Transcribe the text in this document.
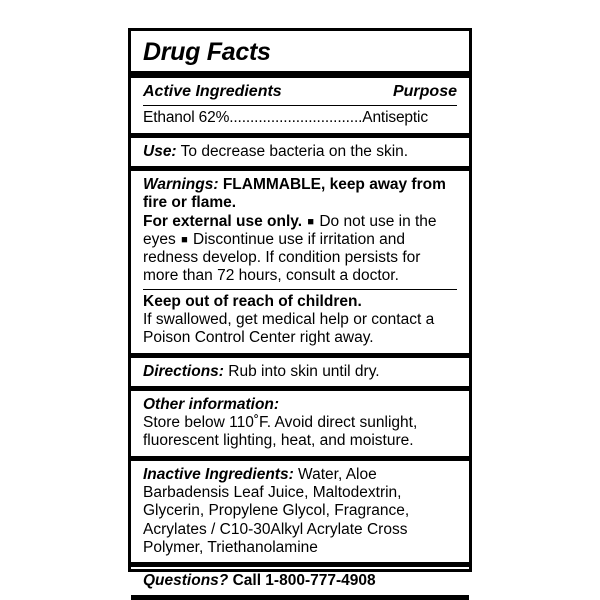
Drug Facts
Active Ingredients	Purpose
Ethanol 62%................................Antiseptic
Use: To decrease bacteria on the skin.
Warnings: FLAMMABLE, keep away from fire or flame.
For external use only. ■ Do not use in the eyes ■ Discontinue use if irritation and redness develop. If condition persists for more than 72 hours, consult a doctor.
Keep out of reach of children.
If swallowed, get medical help or contact a Poison Control Center right away.
Directions: Rub into skin until dry.
Other information:
Store below 110˚F. Avoid direct sunlight, fluorescent lighting, heat, and moisture.
Inactive Ingredients: Water, Aloe Barbadensis Leaf Juice, Maltodextrin, Glycerin, Propylene Glycol, Fragrance, Acrylates / C10-30Alkyl Acrylate Cross Polymer, Triethanolamine
Questions? Call 1-800-777-4908
